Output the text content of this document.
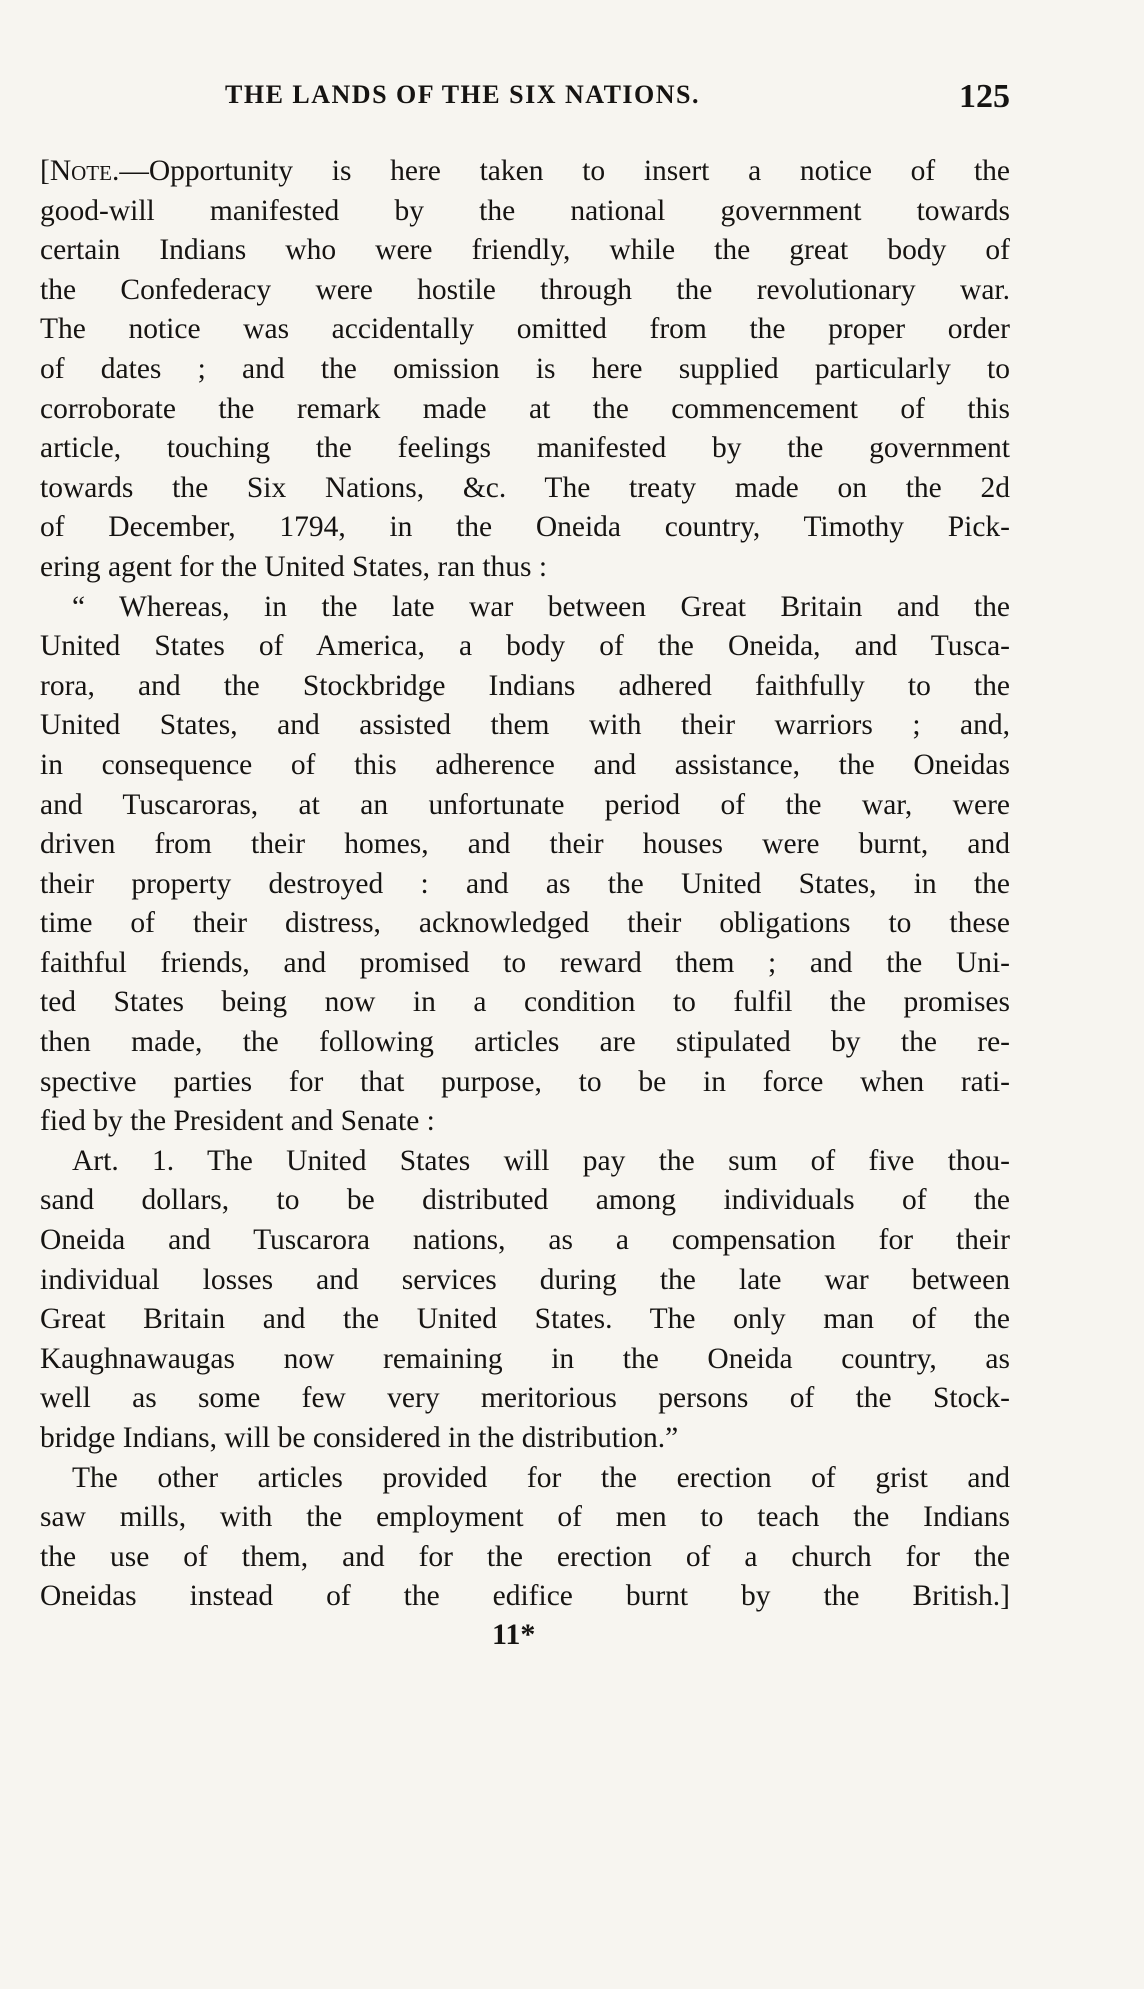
THE LANDS OF THE SIX NATIONS.	125
[Note.—Opportunity is here taken to insert a notice of the
good-will manifested by the national government towards
certain Indians who were friendly, while the great body of
the Confederacy were hostile through the revolutionary war.
The notice was accidentally omitted from the proper order
of dates ; and the omission is here supplied particularly to
corroborate the remark made at the commencement of this
article, touching the feelings manifested by the government
towards the Six Nations, &c. The treaty made on the 2d
of December, 1794, in the Oneida country, Timothy Pick-
ering agent for the United States, ran thus :
“ Whereas, in the late war between Great Britain and the
United States of America, a body of the Oneida, and Tusca-
rora, and the Stockbridge Indians adhered faithfully to the
United States, and assisted them with their warriors ; and,
in consequence of this adherence and assistance, the Oneidas
and Tuscaroras, at an unfortunate period of the war, were
driven from their homes, and their houses were burnt, and
their property destroyed : and as the United States, in the
time of their distress, acknowledged their obligations to these
faithful friends, and promised to reward them ; and the Uni-
ted States being now in a condition to fulfil the promises
then made, the following articles are stipulated by the re-
spective parties for that purpose, to be in force when rati-
fied by the President and Senate :
Art. 1. The United States will pay the sum of five thou-
sand dollars, to be distributed among individuals of the
Oneida and Tuscarora nations, as a compensation for their
individual losses and services during the late war between
Great Britain and the United States. The only man of the
Kaughnawaugas now remaining in the Oneida country, as
well as some few very meritorious persons of the Stock-
bridge Indians, will be considered in the distribution.”
The other articles provided for the erection of grist and
saw mills, with the employment of men to teach the Indians
the use of them, and for the erection of a church for the
Oneidas instead of the edifice burnt by the British.]
11*
